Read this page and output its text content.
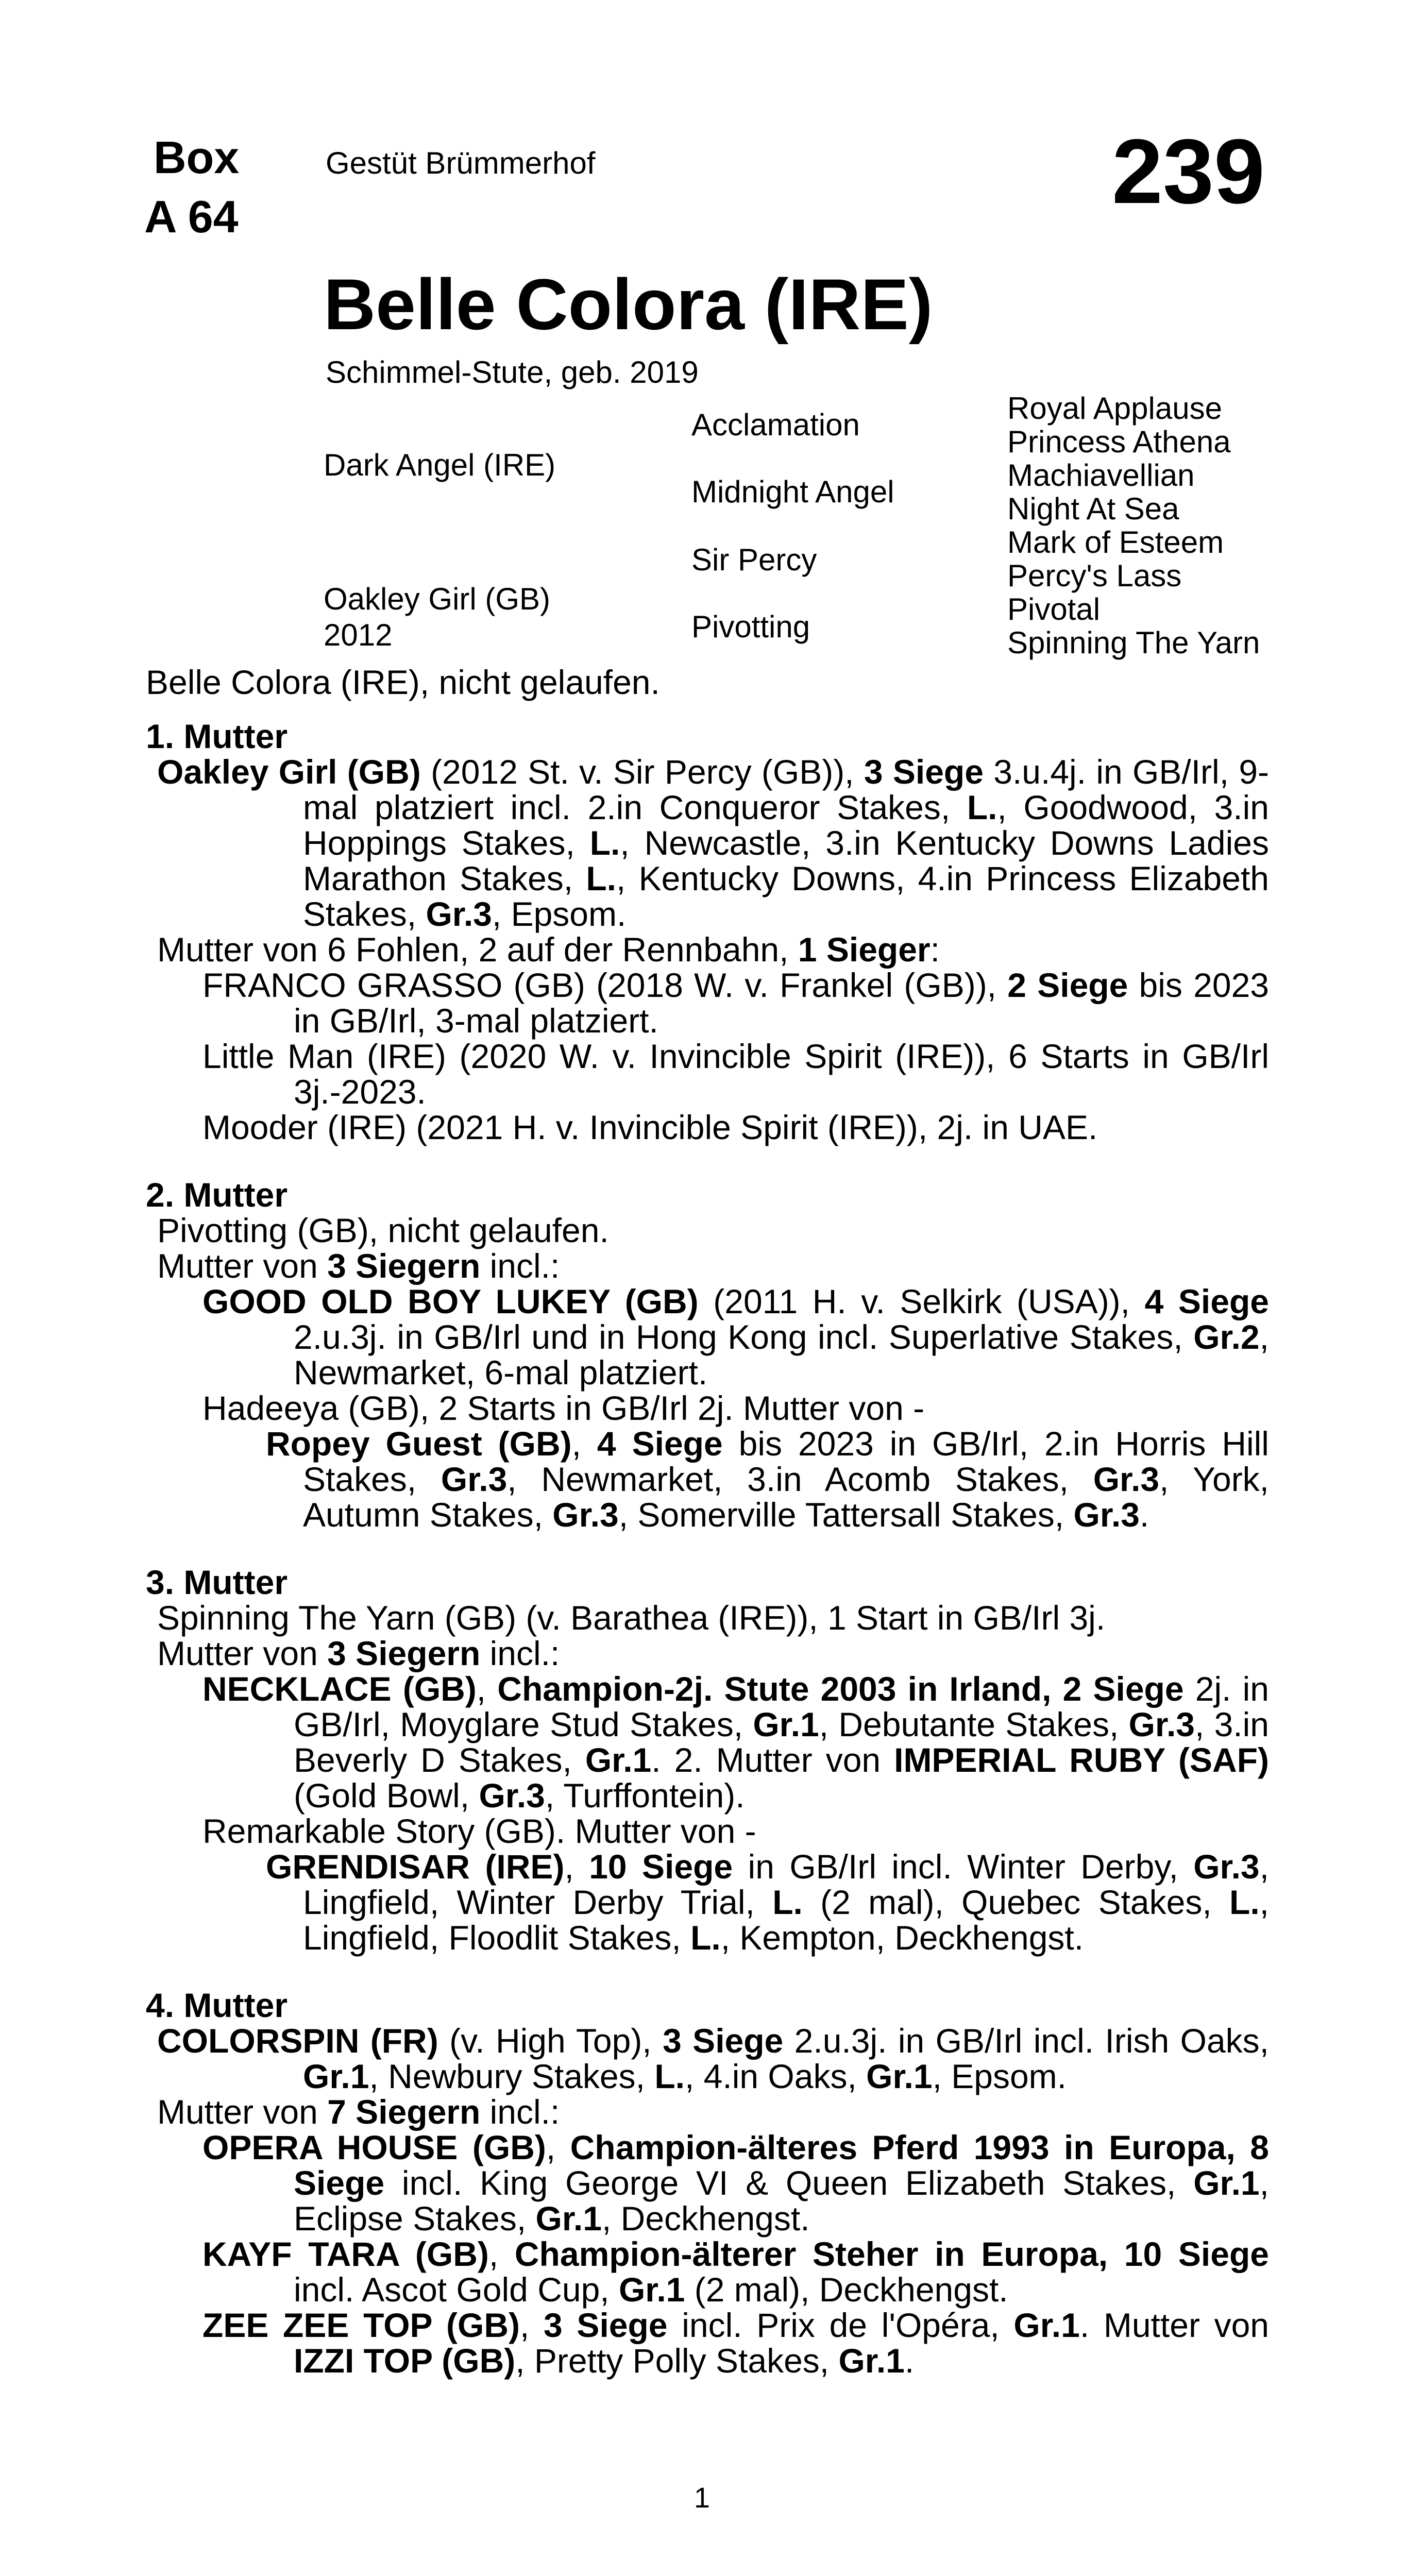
Box
A 64
Gestüt Brümmerhof	239
Belle Colora (IRE)
Schimmel-Stute, geb. 2019
Dark Angel (IRE)
Oakley Girl (GB)
2012
Acclamation
Midnight Angel
Sir Percy
Pivotting
Royal Applause
Princess Athena
Machiavellian
Night At Sea
Mark of Esteem
Percy's Lass
Pivotal
Spinning The Yarn
Belle Colora (IRE), nicht gelaufen.
1. Mutter
Oakley Girl (GB) (2012 St. v. Sir Percy (GB)), 3 Siege 3.u.4j. in GB/Irl, 9-mal platziert incl. 2.in Conqueror Stakes, L., Goodwood, 3.in Hoppings Stakes, L., Newcastle, 3.in Kentucky Downs Ladies Marathon Stakes, L., Kentucky Downs, 4.in Princess Elizabeth Stakes, Gr.3, Epsom.
Mutter von 6 Fohlen, 2 auf der Rennbahn, 1 Sieger:
FRANCO GRASSO (GB) (2018 W. v. Frankel (GB)), 2 Siege bis 2023 in GB/Irl, 3-mal platziert.
Little Man (IRE) (2020 W. v. Invincible Spirit (IRE)), 6 Starts in GB/Irl 3j.-2023.
Mooder (IRE) (2021 H. v. Invincible Spirit (IRE)), 2j. in UAE.
2. Mutter
Pivotting (GB), nicht gelaufen.
Mutter von 3 Siegern incl.:
GOOD OLD BOY LUKEY (GB) (2011 H. v. Selkirk (USA)), 4 Siege 2.u.3j. in GB/Irl und in Hong Kong incl. Superlative Stakes, Gr.2, Newmarket, 6-mal platziert.
Hadeeya (GB), 2 Starts in GB/Irl 2j. Mutter von -
Ropey Guest (GB), 4 Siege bis 2023 in GB/Irl, 2.in Horris Hill Stakes, Gr.3, Newmarket, 3.in Acomb Stakes, Gr.3, York, Autumn Stakes, Gr.3, Somerville Tattersall Stakes, Gr.3.
3. Mutter
Spinning The Yarn (GB) (v. Barathea (IRE)), 1 Start in GB/Irl 3j.
Mutter von 3 Siegern incl.:
NECKLACE (GB), Champion-2j. Stute 2003 in Irland, 2 Siege 2j. in GB/Irl, Moyglare Stud Stakes, Gr.1, Debutante Stakes, Gr.3, 3.in Beverly D Stakes, Gr.1. 2. Mutter von IMPERIAL RUBY (SAF) (Gold Bowl, Gr.3, Turffontein).
Remarkable Story (GB). Mutter von -
GRENDISAR (IRE), 10 Siege in GB/Irl incl. Winter Derby, Gr.3, Lingfield, Winter Derby Trial, L. (2 mal), Quebec Stakes, L., Lingfield, Floodlit Stakes, L., Kempton, Deckhengst.
4. Mutter
COLORSPIN (FR) (v. High Top), 3 Siege 2.u.3j. in GB/Irl incl. Irish Oaks, Gr.1, Newbury Stakes, L., 4.in Oaks, Gr.1, Epsom.
Mutter von 7 Siegern incl.:
OPERA HOUSE (GB), Champion-älteres Pferd 1993 in Europa, 8 Siege incl. King George VI & Queen Elizabeth Stakes, Gr.1, Eclipse Stakes, Gr.1, Deckhengst.
KAYF TARA (GB), Champion-älterer Steher in Europa, 10 Siege incl. Ascot Gold Cup, Gr.1 (2 mal), Deckhengst.
ZEE ZEE TOP (GB), 3 Siege incl. Prix de l'Opéra, Gr.1. Mutter von IZZI TOP (GB), Pretty Polly Stakes, Gr.1.
1
